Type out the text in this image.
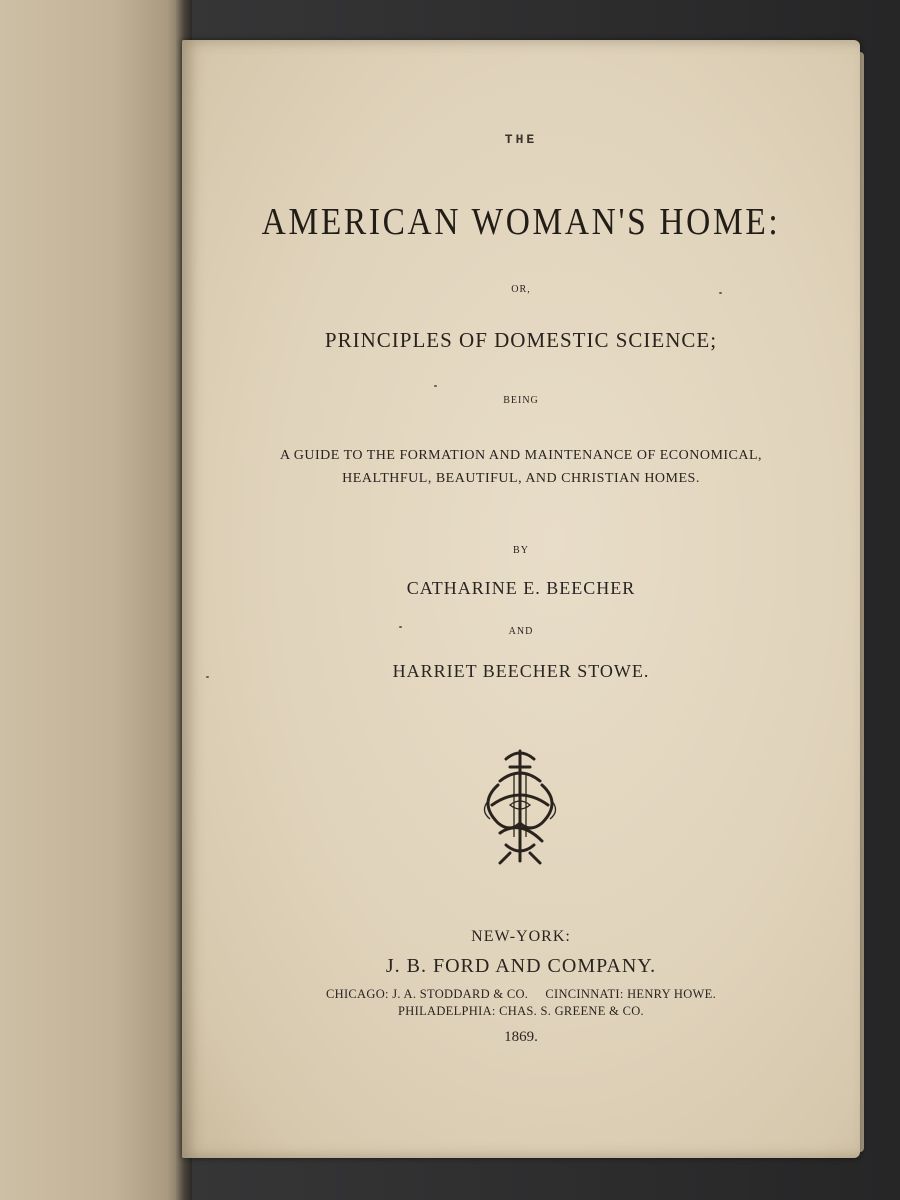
THE
AMERICAN WOMAN'S HOME:
OR,
PRINCIPLES OF DOMESTIC SCIENCE;
BEING
A GUIDE TO THE FORMATION AND MAINTENANCE OF ECONOMICAL,
HEALTHFUL, BEAUTIFUL, AND CHRISTIAN HOMES.
BY
CATHARINE E. BEECHER
AND
HARRIET BEECHER STOWE.
NEW-YORK:
J. B. FORD AND COMPANY.
CHICAGO: J. A. STODDARD & CO.     CINCINNATI: HENRY HOWE.
PHILADELPHIA: CHAS. S. GREENE & CO.
1869.
